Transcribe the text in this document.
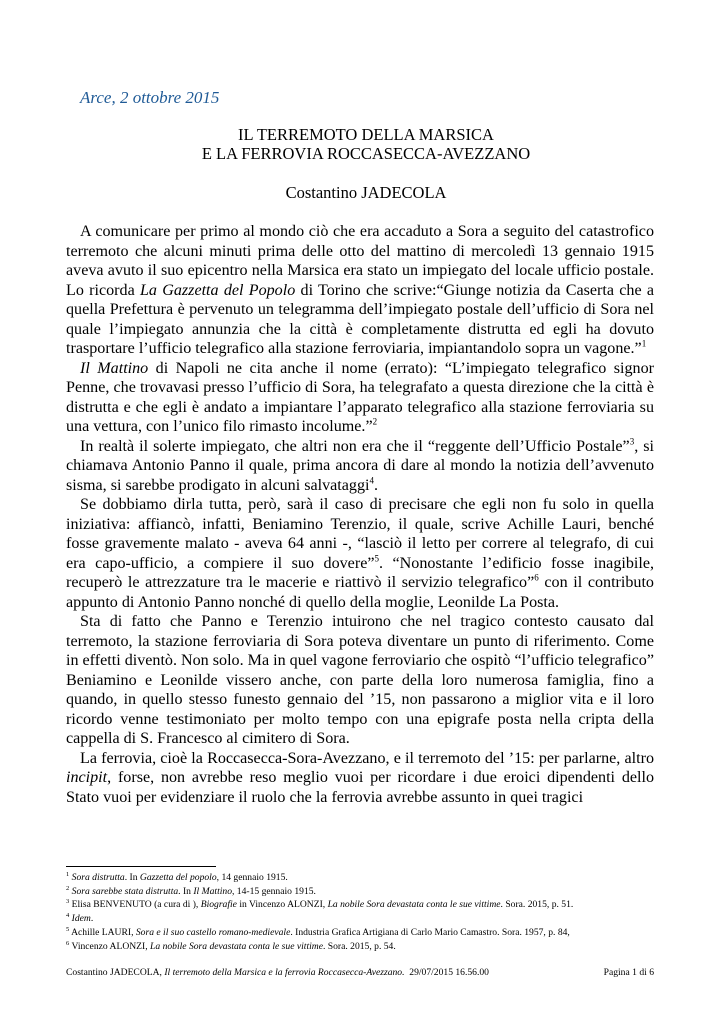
Arce, 2 ottobre 2015
IL TERREMOTO DELLA MARSICA
E LA FERROVIA ROCCASECCA-AVEZZANO
Costantino JADECOLA

A comunicare per primo al mondo ciò che era accaduto a Sora a seguito del catastrofico terremoto che alcuni minuti prima delle otto del mattino di mercoledì 13 gennaio 1915 aveva avuto il suo epicentro nella Marsica era stato un impiegato del locale ufficio postale. Lo ricorda La Gazzetta del Popolo di Torino che scrive:“Giunge notizia da Caserta che a quella Prefettura è pervenuto un telegramma dell’impiegato postale dell’ufficio di Sora nel quale l’impiegato annunzia che la città è completamente distrutta ed egli ha dovuto trasportare l’ufficio telegrafico alla stazione ferroviaria, impiantandolo sopra un vagone.”$^1$

Il Mattino di Napoli ne cita anche il nome (errato): “L’impiegato telegrafico signor Penne, che trovavasi presso l’ufficio di Sora, ha telegrafato a questa direzione che la città è distrutta e che egli è andato a impiantare l’apparato telegrafico alla stazione ferroviaria su una vettura, con l’unico filo rimasto incolume.”$^2$

In realtà il solerte impiegato, che altri non era che il “reggente dell’Ufficio Postale”$^3$, si chiamava Antonio Panno il quale, prima ancora di dare al mondo la notizia dell’avvenuto sisma, si sarebbe prodigato in alcuni salvataggi$^4$.

Se dobbiamo dirla tutta, però, sarà il caso di precisare che egli non fu solo in quella iniziativa: affiancò, infatti, Beniamino Terenzio, il quale, scrive Achille Lauri, benché fosse gravemente malato - aveva 64 anni -, “lasciò il letto per correre al telegrafo, di cui era capo-ufficio, a compiere il suo dovere”$^5$. “Nonostante l’edificio fosse inagibile, recuperò le attrezzature tra le macerie e riattivò il servizio telegrafico”$^6$ con il contributo appunto di Antonio Panno nonché di quello della moglie, Leonilde La Posta.

Sta di fatto che Panno e Terenzio intuirono che nel tragico contesto causato dal terremoto, la stazione ferroviaria di Sora poteva diventare un punto di riferimento. Come in effetti diventò. Non solo. Ma in quel vagone ferroviario che ospitò “l’ufficio telegrafico” Beniamino e Leonilde vissero anche, con parte della loro numerosa famiglia, fino a quando, in quello stesso funesto gennaio del ’15, non passarono a miglior vita e il loro ricordo venne testimoniato per molto tempo con una epigrafe posta nella cripta della cappella di S. Francesco al cimitero di Sora.

La ferrovia, cioè la Roccasecca-Sora-Avezzano, e il terremoto del ’15: per parlarne, altro incipit, forse, non avrebbe reso meglio vuoi per ricordare i due eroici dipendenti dello Stato vuoi per evidenziare il ruolo che la ferrovia avrebbe assunto in quei tragici

$^1$ Sora distrutta. In Gazzetta del popolo, 14 gennaio 1915.
$^2$ Sora sarebbe stata distrutta. In Il Mattino, 14-15 gennaio 1915.
$^3$ Elisa BENVENUTO (a cura di ), Biografie in Vincenzo ALONZI, La nobile Sora devastata conta le sue vittime. Sora. 2015, p. 51.
$^4$ Idem.
$^5$ Achille LAURI, Sora e il suo castello romano-medievale. Industria Grafica Artigiana di Carlo Mario Camastro. Sora. 1957, p. 84,
$^6$ Vincenzo ALONZI, La nobile Sora devastata conta le sue vittime. Sora. 2015, p. 54.
Costantino JADECOLA, Il terremoto della Marsica e la ferrovia Roccasecca-Avezzano.  29/07/2015 16.56.00	Pagina 1 di 6
